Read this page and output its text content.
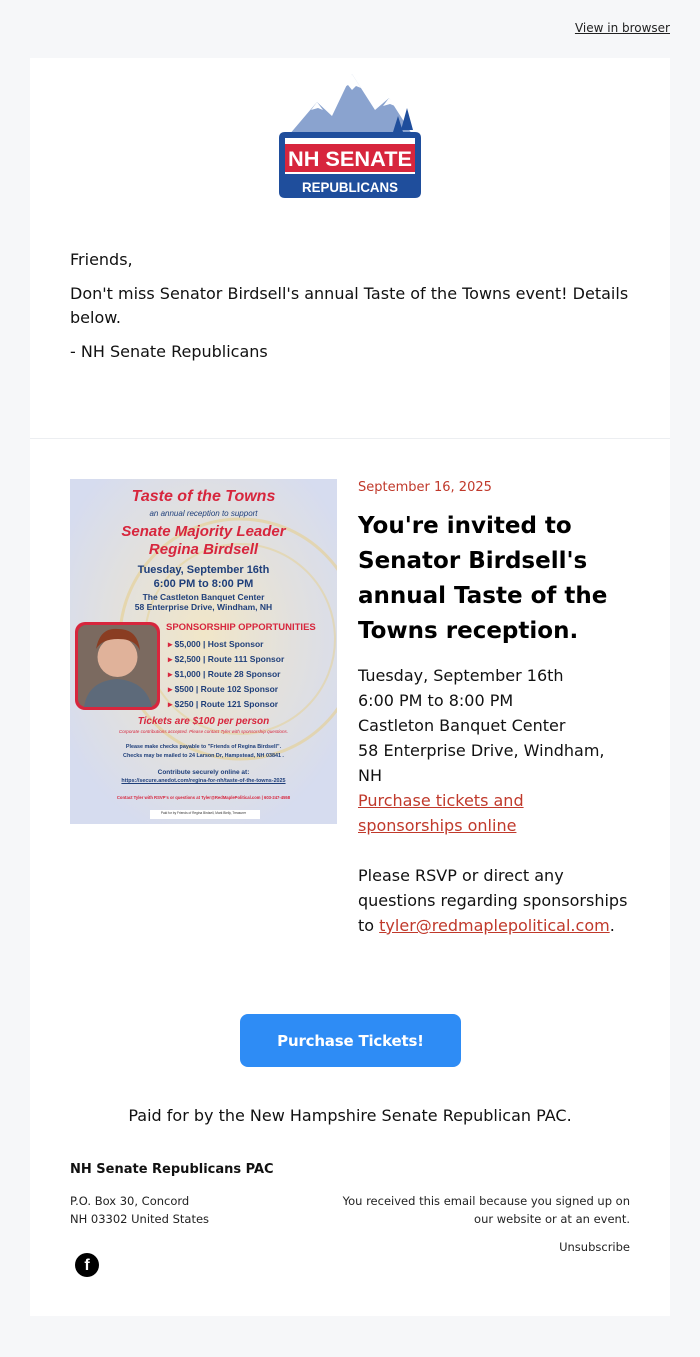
View in browser
NH SENATE
REPUBLICANS

Friends,

Don't miss Senator Birdsell's annual Taste of the Towns event! Details below.

- NH Senate Republicans

Taste of the Towns
an annual reception to support
Senate Majority Leader
Regina Birdsell
Tuesday, September 16th
6:00 PM to 8:00 PM
The Castleton Banquet Center
58 Enterprise Drive, Windham, NH
SPONSORSHIP OPPORTUNITIES
▸ $5,000 | Host Sponsor
▸ $2,500 | Route 111 Sponsor
▸ $1,000 | Route 28 Sponsor
▸ $500 | Route 102 Sponsor
▸ $250 | Route 121 Sponsor
Tickets are $100 per person
Corporate contributions accepted. Please contact Tyler with sponsorship questions.
Please make checks payable to "Friends of Regina Birdsell".
Checks may be mailed to 24 Larson Dr, Hampstead, NH 03841 .
Contribute securely online at:
https://secure.anedot.com/regina-for-nh/taste-of-the-towns-2025
Contact Tyler with RSVP's or questions at Tyler@RedMaplePolitical.com | 603-247-4558
Paid for by Friends of Regina Birdsell, Mark Bielly, Treasurer
September 16, 2025
You're invited to Senator Birdsell's annual Taste of the Towns reception.
Tuesday, September 16th
6:00 PM to 8:00 PM
Castleton Banquet Center
58 Enterprise Drive, Windham, NH
Purchase tickets and sponsorships online
Please RSVP or direct any questions regarding sponsorships to tyler@redmaplepolitical.com.
Purchase Tickets!
Paid for by the New Hampshire Senate Republican PAC.
NH Senate Republicans PAC
P.O. Box 30, Concord
NH 03302 United States
You received this email because you signed up on our website or at an event.
Unsubscribe
f
